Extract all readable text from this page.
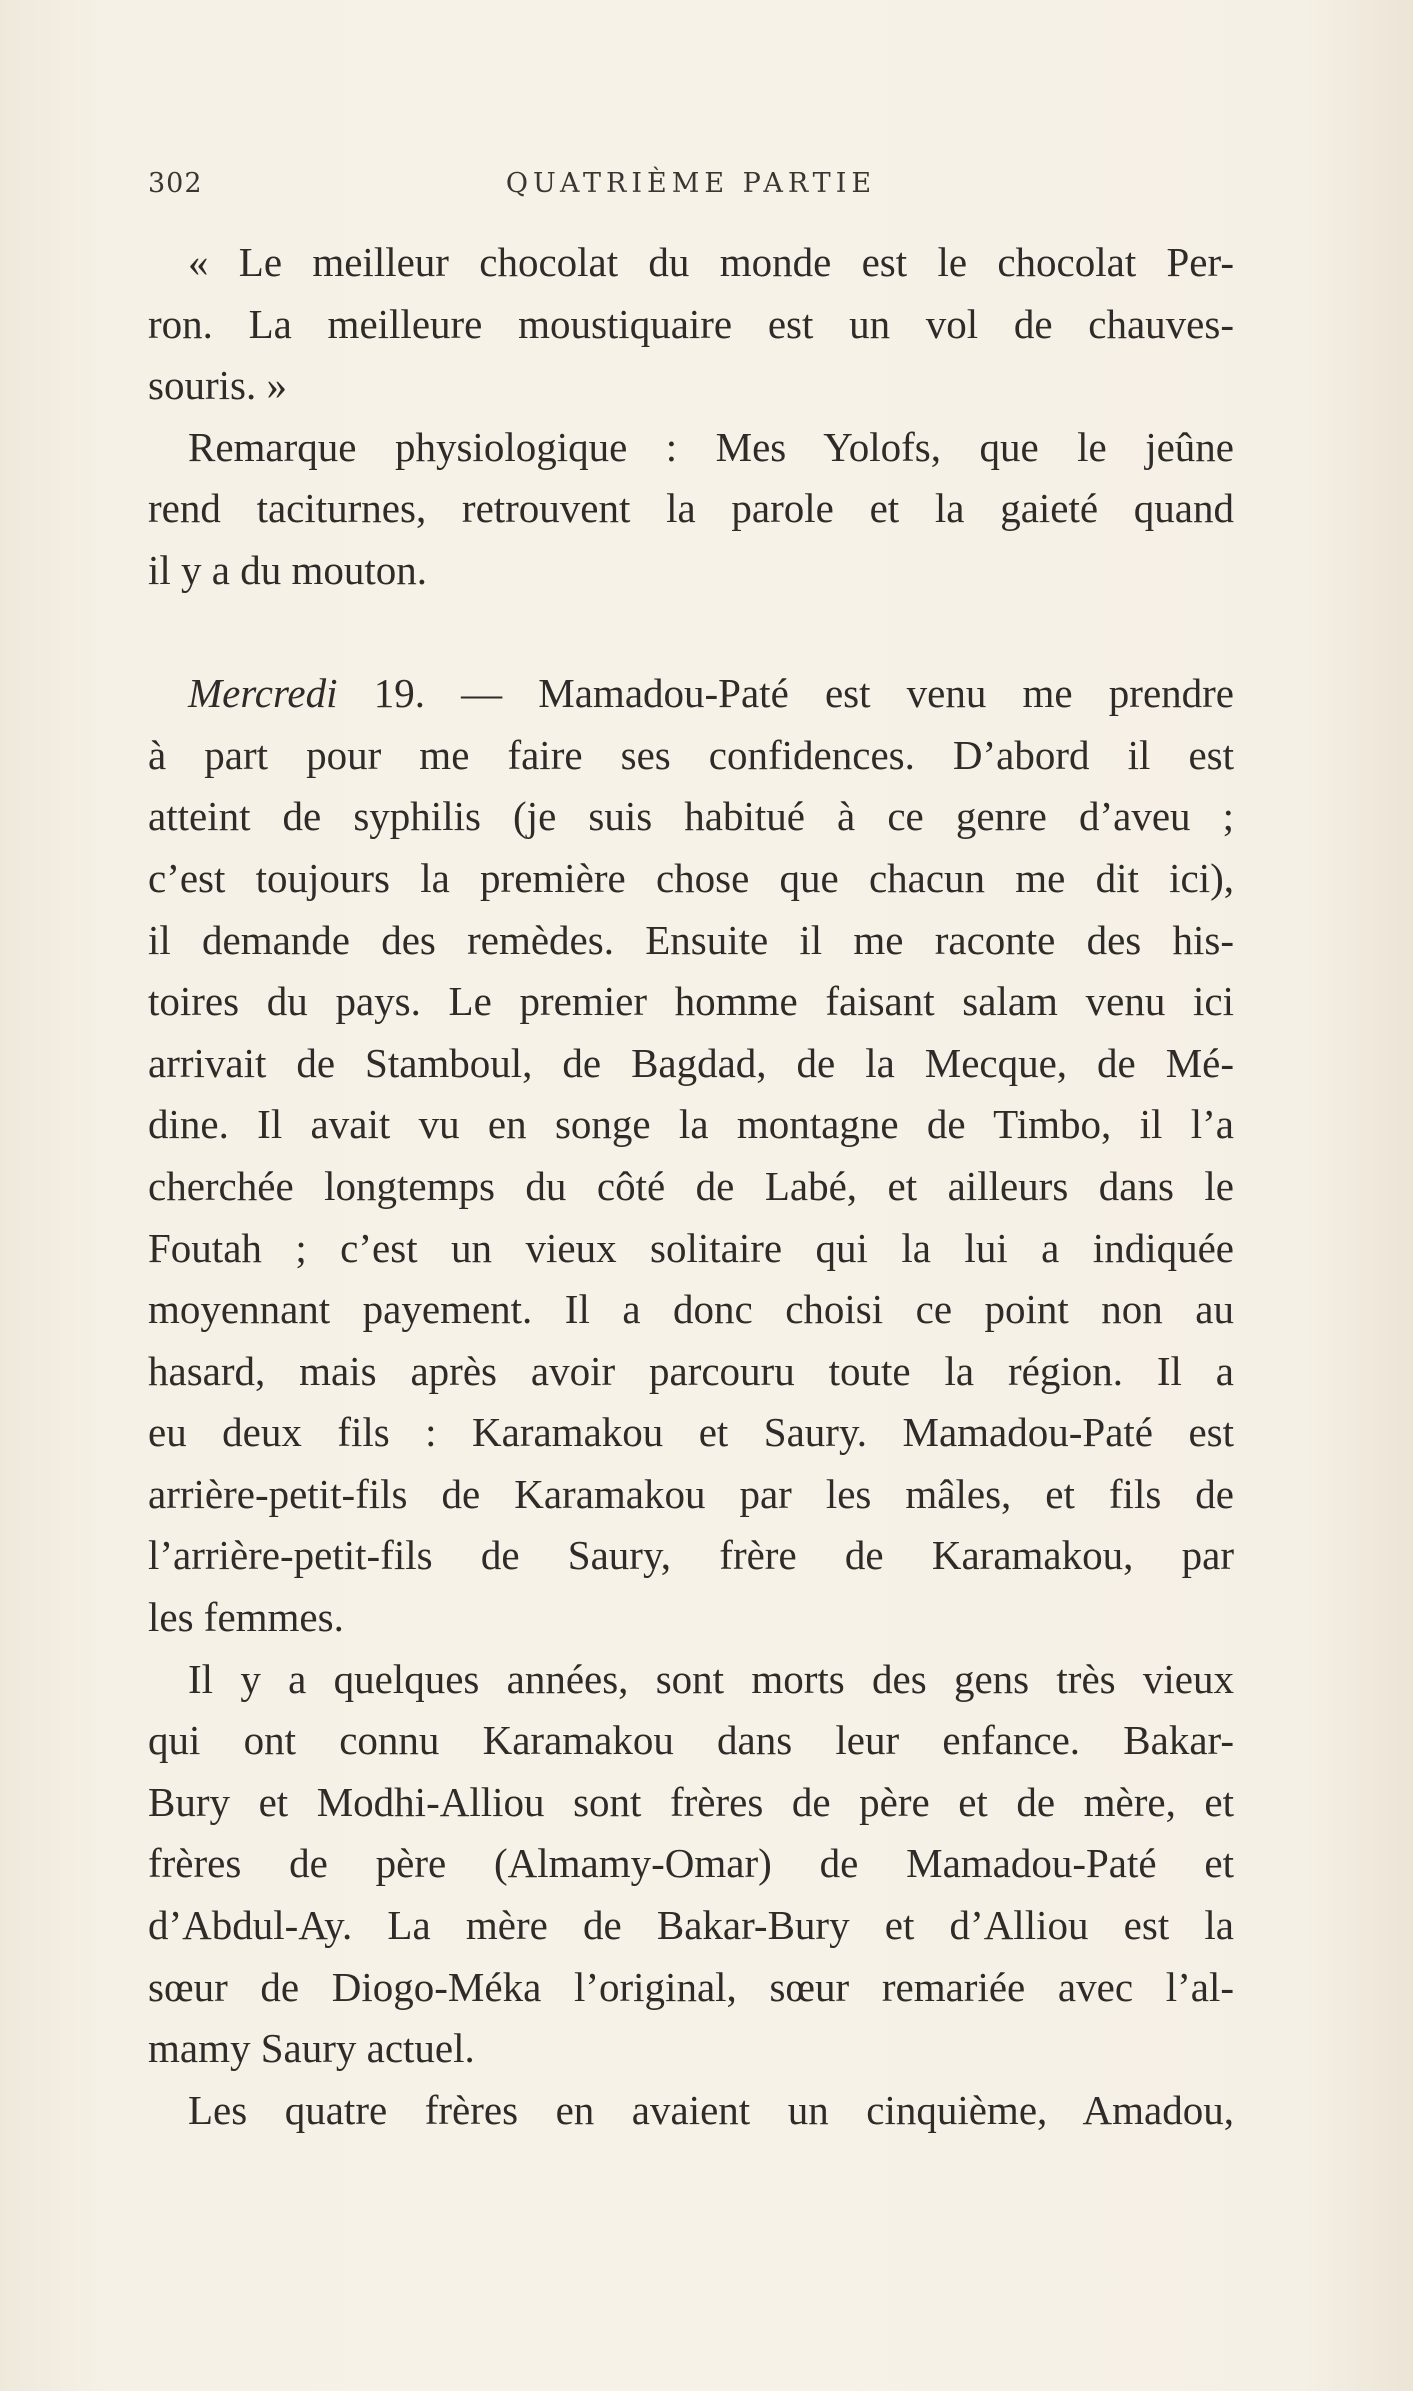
302	QUATRIÈME PARTIE
« Le meilleur chocolat du monde est le chocolat Per-
ron. La meilleure moustiquaire est un vol de chauves-
souris. »
Remarque physiologique : Mes Yolofs, que le jeûne
rend taciturnes, retrouvent la parole et la gaieté quand
il y a du mouton.
Mercredi 19. — Mamadou-Paté est venu me prendre
à part pour me faire ses confidences. D’abord il est
atteint de syphilis (je suis habitué à ce genre d’aveu ;
c’est toujours la première chose que chacun me dit ici),
il demande des remèdes. Ensuite il me raconte des his-
toires du pays. Le premier homme faisant salam venu ici
arrivait de Stamboul, de Bagdad, de la Mecque, de Mé-
dine. Il avait vu en songe la montagne de Timbo, il l’a
cherchée longtemps du côté de Labé, et ailleurs dans le
Foutah ; c’est un vieux solitaire qui la lui a indiquée
moyennant payement. Il a donc choisi ce point non au
hasard, mais après avoir parcouru toute la région. Il a
eu deux fils : Karamakou et Saury. Mamadou-Paté est
arrière-petit-fils de Karamakou par les mâles, et fils de
l’arrière-petit-fils de Saury, frère de Karamakou, par
les femmes.
Il y a quelques années, sont morts des gens très vieux
qui ont connu Karamakou dans leur enfance. Bakar-
Bury et Modhi-Alliou sont frères de père et de mère, et
frères de père (Almamy-Omar) de Mamadou-Paté et
d’Abdul-Ay. La mère de Bakar-Bury et d’Alliou est la
sœur de Diogo-Méka l’original, sœur remariée avec l’al-
mamy Saury actuel.
Les quatre frères en avaient un cinquième, Amadou,
